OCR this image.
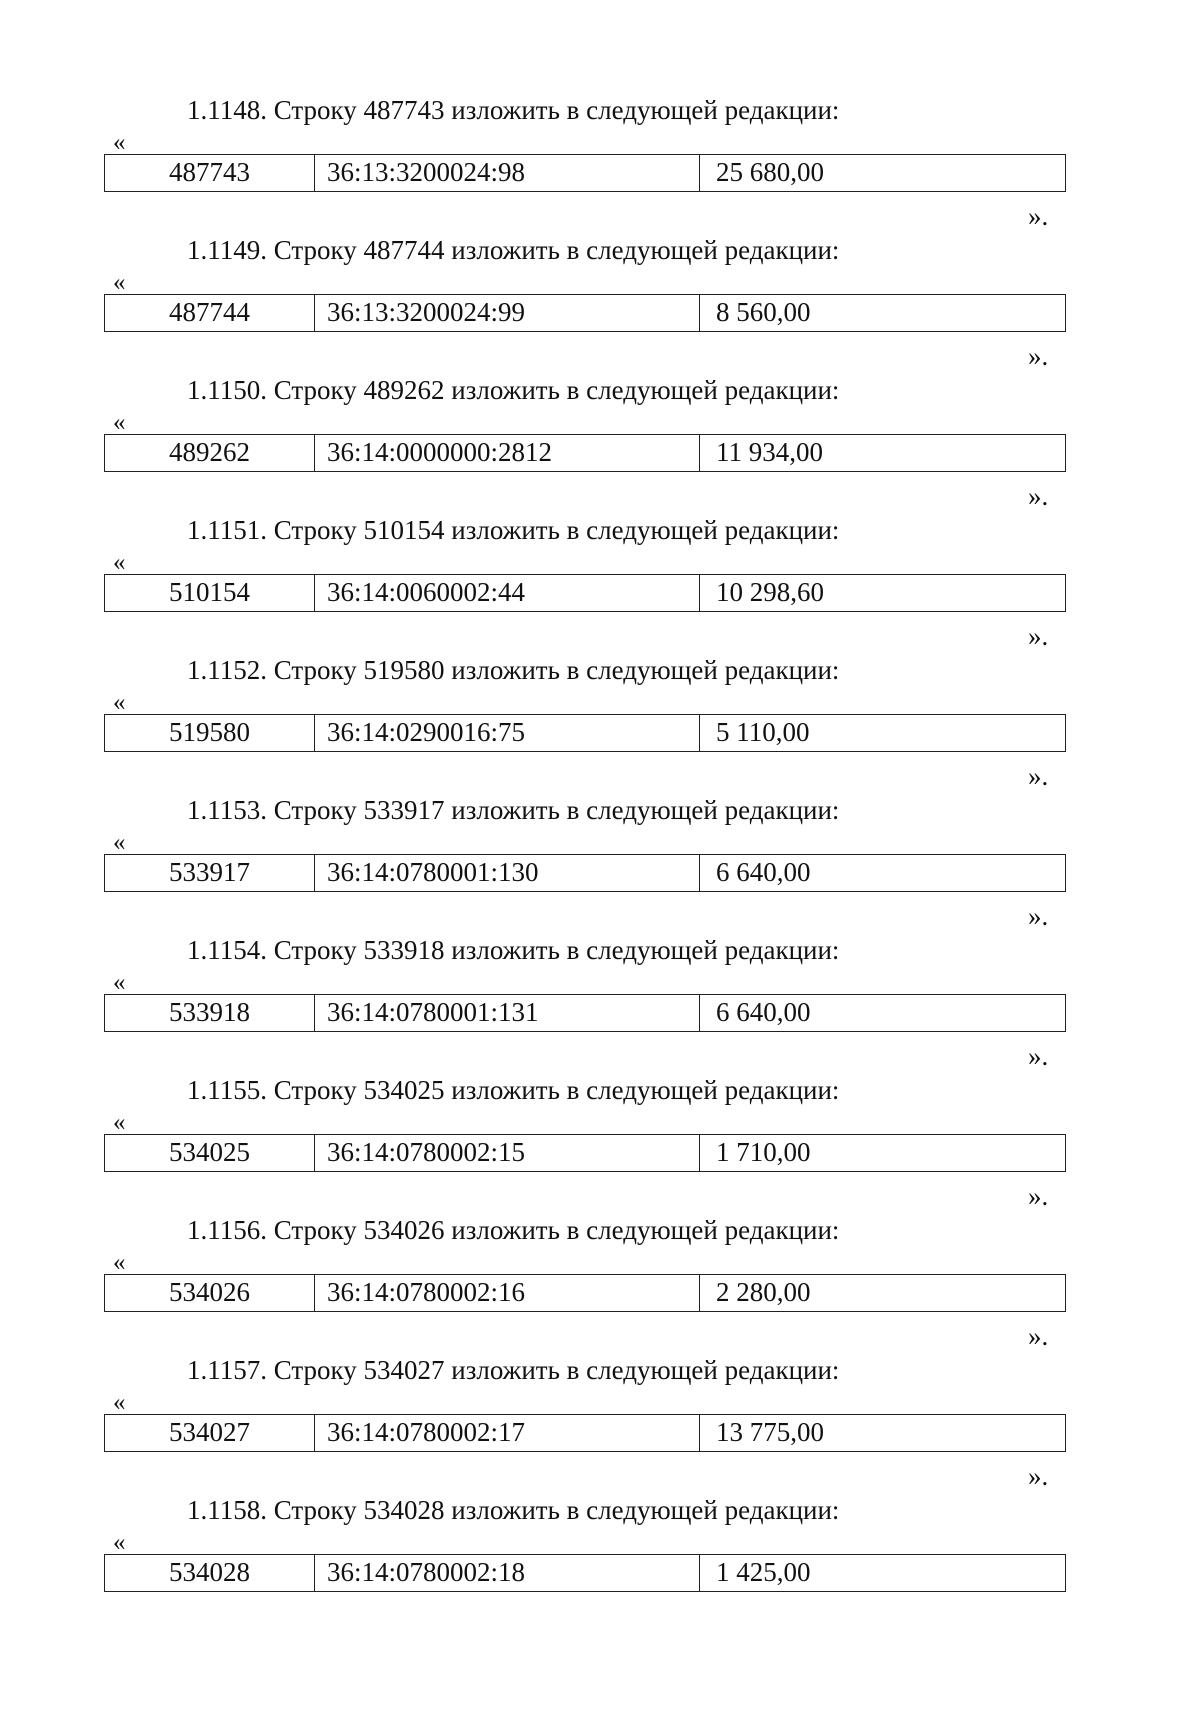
1.1148. Строку 487743 изложить в следующей редакции:
«
487743	36:13:3200024:98	25 680,00
».
1.1149. Строку 487744 изложить в следующей редакции:
«
487744	36:13:3200024:99	8 560,00
».
1.1150. Строку 489262 изложить в следующей редакции:
«
489262	36:14:0000000:2812	11 934,00
».
1.1151. Строку 510154 изложить в следующей редакции:
«
510154	36:14:0060002:44	10 298,60
».
1.1152. Строку 519580 изложить в следующей редакции:
«
519580	36:14:0290016:75	5 110,00
».
1.1153. Строку 533917 изложить в следующей редакции:
«
533917	36:14:0780001:130	6 640,00
».
1.1154. Строку 533918 изложить в следующей редакции:
«
533918	36:14:0780001:131	6 640,00
».
1.1155. Строку 534025 изложить в следующей редакции:
«
534025	36:14:0780002:15	1 710,00
».
1.1156. Строку 534026 изложить в следующей редакции:
«
534026	36:14:0780002:16	2 280,00
».
1.1157. Строку 534027 изложить в следующей редакции:
«
534027	36:14:0780002:17	13 775,00
».
1.1158. Строку 534028 изложить в следующей редакции:
«
534028	36:14:0780002:18	1 425,00
